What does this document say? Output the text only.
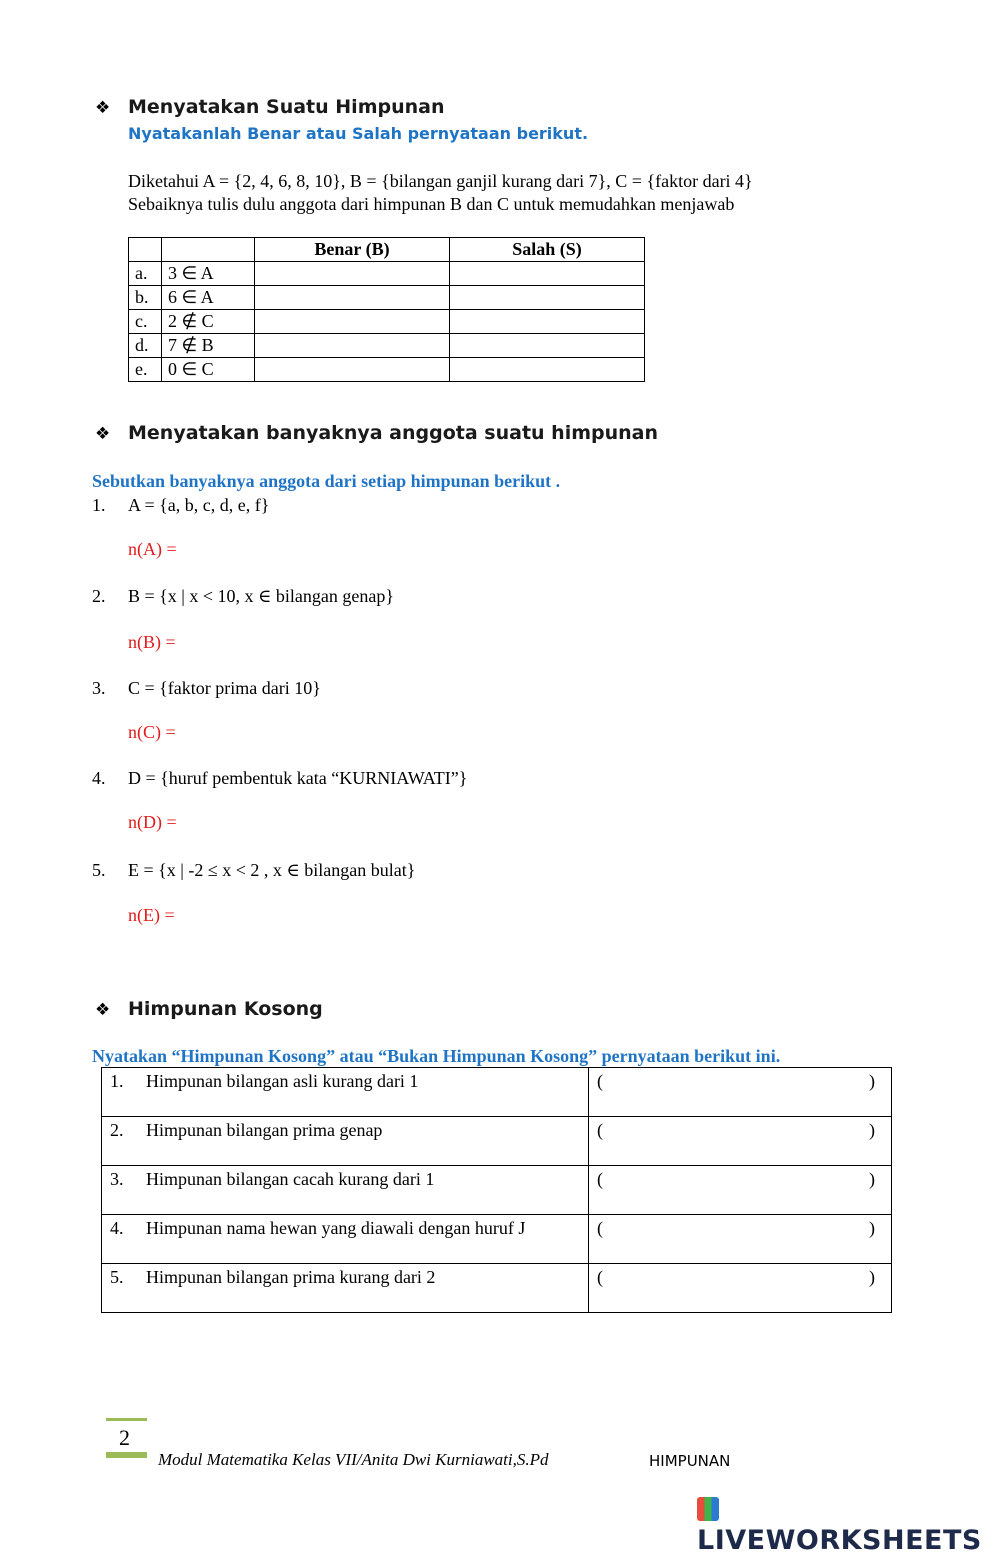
❖ Menyatakan Suatu Himpunan
Nyatakanlah Benar atau Salah pernyataan berikut.
Diketahui A = {2, 4, 6, 8, 10}, B = {bilangan ganjil kurang dari 7}, C = {faktor dari 4}
Sebaiknya tulis dulu anggota dari himpunan B dan C untuk memudahkan menjawab
		Benar (B)	Salah (S)
a.	3 ∈ A		
b.	6 ∈ A		
c.	2 ∉ C		
d.	7 ∉ B		
e.	0 ∈ C		
❖ Menyatakan banyaknya anggota suatu himpunan
Sebutkan banyaknya anggota dari setiap himpunan berikut .
1. A = {a, b, c, d, e, f}
n(A) =
2. B = {x | x < 10, x ∈ bilangan genap}
n(B) =
3. C = {faktor prima dari 10}
n(C) =
4. D = {huruf pembentuk kata “KURNIAWATI”}
n(D) =
5. E = {x | -2 ≤ x < 2 , x ∈ bilangan bulat}
n(E) =
❖ Himpunan Kosong
Nyatakan “Himpunan Kosong” atau “Bukan Himpunan Kosong” pernyataan berikut ini.
1. Himpunan bilangan asli kurang dari 1	( )

2. Himpunan bilangan prima genap	( )

3. Himpunan bilangan cacah kurang dari 1	( )

4. Himpunan nama hewan yang diawali dengan huruf J	( )

5. Himpunan bilangan prima kurang dari 2	( )
2
Modul Matematika Kelas VII/Anita Dwi Kurniawati,S.Pd	HIMPUNAN
LIVEWORKSHEETS
